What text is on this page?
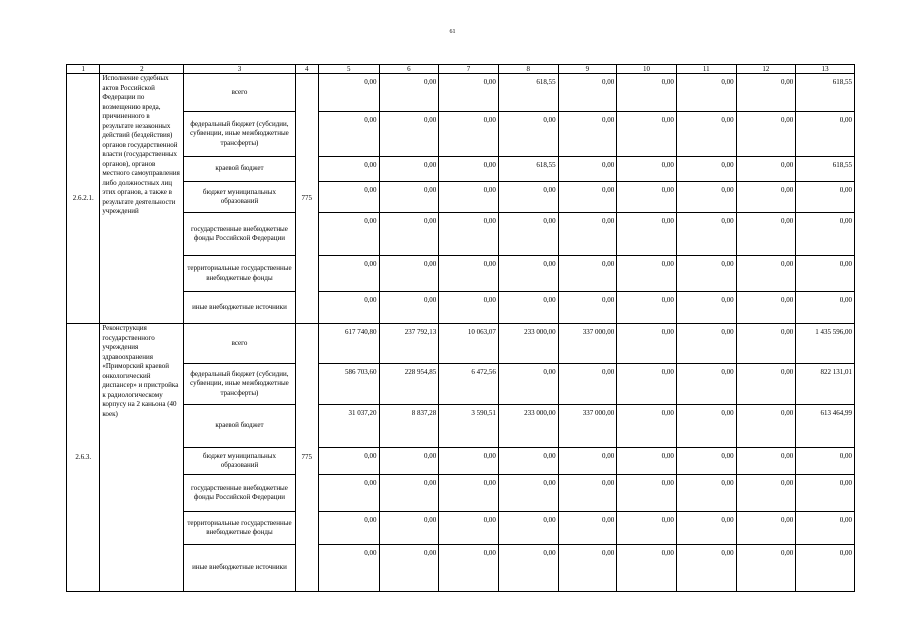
61
1	2	3	4	5	6	7	8	9	10	11	12	13
2.6.2.1.	Исполнение судебных актов Российской Федерации по возмещению вреда, причиненного в результате незаконных действий (бездействия) органов государственной власти (государственных органов), органов местного самоуправления либо должностных лиц этих органов, а также в результате деятельности учреждений	всего	775	0,00	0,00	0,00	618,55	0,00	0,00	0,00	0,00	618,55
		федеральный бюджет (субсидии, субвенции, иные межбюджетные трансферты)		0,00	0,00	0,00	0,00	0,00	0,00	0,00	0,00	0,00
		краевой бюджет		0,00	0,00	0,00	618,55	0,00	0,00	0,00	0,00	618,55
		бюджет муниципальных образований		0,00	0,00	0,00	0,00	0,00	0,00	0,00	0,00	0,00
		государственные внебюджетные фонды Российской Федерации		0,00	0,00	0,00	0,00	0,00	0,00	0,00	0,00	0,00
		территориальные государственные внебюджетные фонды		0,00	0,00	0,00	0,00	0,00	0,00	0,00	0,00	0,00
		иные внебюджетные источники		0,00	0,00	0,00	0,00	0,00	0,00	0,00	0,00	0,00
2.6.3.	Реконструкция государственного учреждения здравоохранения «Приморский краевой онкологический диспансер» и пристройка к радиологическому корпусу на 2 каньона (40 коек)	всего	775	617 740,80	237 792,13	10 063,07	233 000,00	337 000,00	0,00	0,00	0,00	1 435 596,00
		федеральный бюджет (субсидии, субвенции, иные межбюджетные трансферты)		586 703,60	228 954,85	6 472,56	0,00	0,00	0,00	0,00	0,00	822 131,01
		краевой бюджет		31 037,20	8 837,28	3 590,51	233 000,00	337 000,00	0,00	0,00	0,00	613 464,99
		бюджет муниципальных образований		0,00	0,00	0,00	0,00	0,00	0,00	0,00	0,00	0,00
		государственные внебюджетные фонды Российской Федерации		0,00	0,00	0,00	0,00	0,00	0,00	0,00	0,00	0,00
		территориальные государственные внебюджетные фонды		0,00	0,00	0,00	0,00	0,00	0,00	0,00	0,00	0,00
		иные внебюджетные источники		0,00	0,00	0,00	0,00	0,00	0,00	0,00	0,00	0,00
